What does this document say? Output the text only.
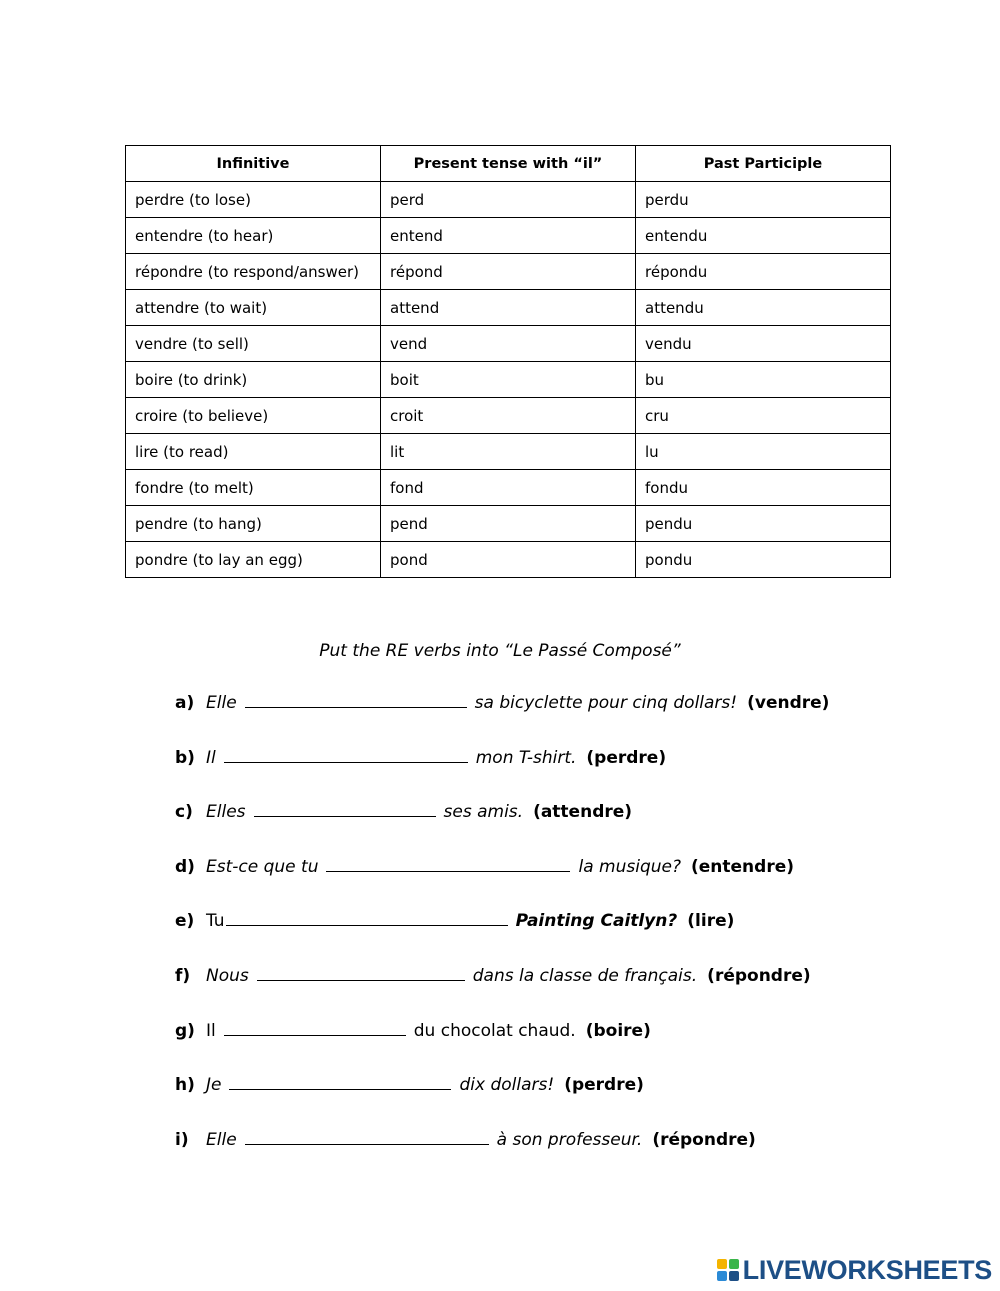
Infinitive	Present tense with “il”	Past Participle
perdre (to lose)	perd	perdu
entendre (to hear)	entend	entendu
répondre (to respond/answer)	répond	répondu
attendre (to wait)	attend	attendu
vendre (to sell)	vend	vendu
boire (to drink)	boit	bu
croire (to believe)	croit	cru
lire (to read)	lit	lu
fondre (to melt)	fond	fondu
pendre (to hang)	pend	pendu
pondre (to lay an egg)	pond	pondu
Put the RE verbs into “Le Passé Composé”
a) Elle	sa bicyclette pour cinq dollars! (vendre)
b) Il	mon T-shirt. (perdre)
c) Elles	ses amis. (attendre)
d) Est-ce que tu	la musique? (entendre)
e) Tu	Painting Caitlyn? (lire)
f) Nous	dans la classe de français. (répondre)
g) Il	du chocolat chaud. (boire)
h) Je	dix dollars! (perdre)
i)	Elle	à son professeur. (répondre)
LIVEWORKSHEETS
